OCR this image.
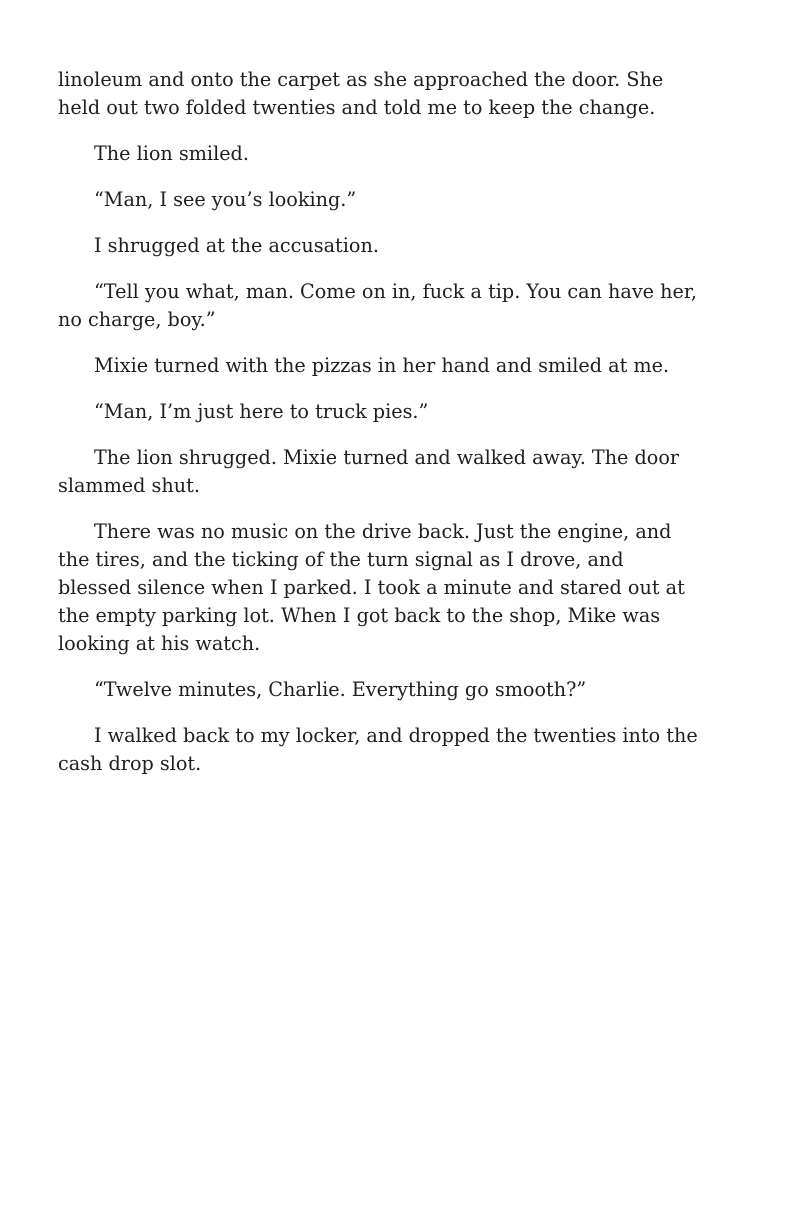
linoleum and onto the carpet as she approached the door. She held out two folded twenties and told me to keep the change.

The lion smiled.

“Man, I see you’s looking.”

I shrugged at the accusation.

“Tell you what, man. Come on in, fuck a tip. You can have her, no charge, boy.”

Mixie turned with the pizzas in her hand and smiled at me.

“Man, I’m just here to truck pies.”

The lion shrugged. Mixie turned and walked away. The door slammed shut.

There was no music on the drive back. Just the engine, and the tires, and the ticking of the turn signal as I drove, and blessed silence when I parked. I took a minute and stared out at the empty parking lot. When I got back to the shop, Mike was looking at his watch.

“Twelve minutes, Charlie. Everything go smooth?”

I walked back to my locker, and dropped the twenties into the cash drop slot.
